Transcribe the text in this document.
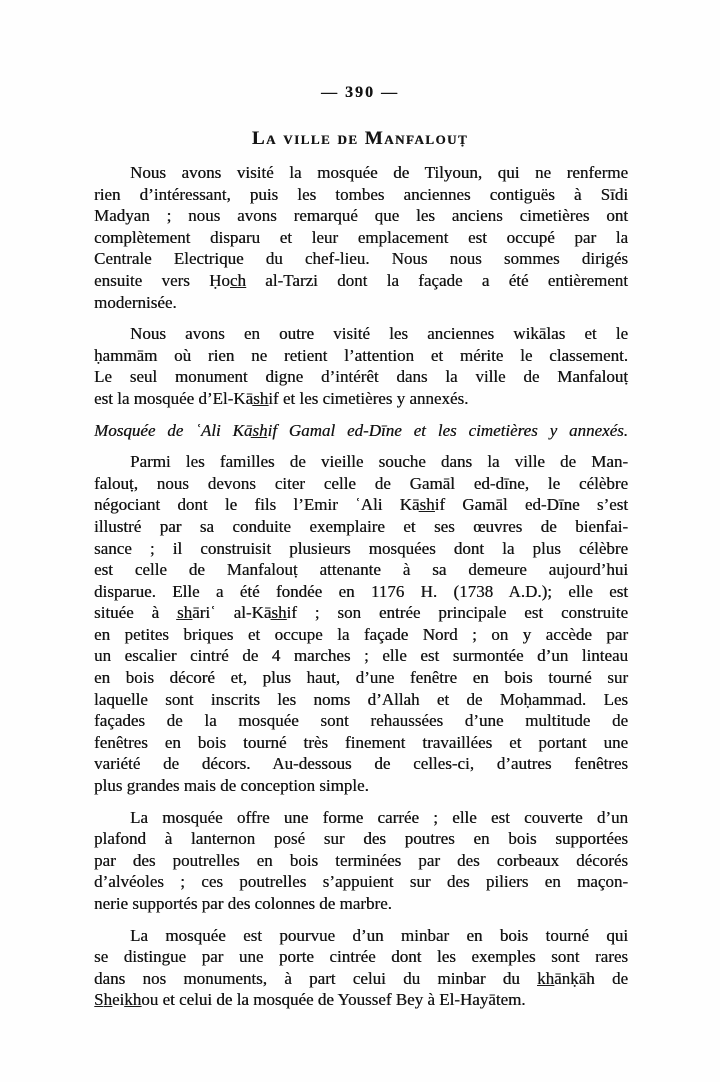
— 390 —
La ville de Manfalouṭ

Nous avons visité la mosquée de Tilyoun, qui ne renferme
rien d’intéressant, puis les tombes anciennes contiguës à Sīdi
Madyan ; nous avons remarqué que les anciens cimetières ont
complètement disparu et leur emplacement est occupé par la
Centrale Electrique du chef-lieu. Nous nous sommes dirigés
ensuite vers Ḥoc̲h̲ al-Tarzi dont la façade a été entièrement
modernisée.

Nous avons en outre visité les anciennes wikālas et le
ḥammām où rien ne retient l’attention et mérite le classement.
Le seul monument digne d’intérêt dans la ville de Manfalouṭ
est la mosquée d’El-Kās̲h̲if et les cimetières y annexés.

Mosquée de ʿAli Kās̲h̲if Gamal ed-Dīne et les cimetières y annexés.

Parmi les familles de vieille souche dans la ville de Man-
falouṭ, nous devons citer celle de Gamāl ed-dīne, le célèbre
négociant dont le fils l’Emir ʿAli Kās̲h̲if Gamāl ed-Dīne s’est
illustré par sa conduite exemplaire et ses œuvres de bienfai-
sance ; il construisit plusieurs mosquées dont la plus célèbre
est celle de Manfalouṭ attenante à sa demeure aujourd’hui
disparue. Elle a été fondée en 1176 H. (1738 A.D.); elle est
située à s̲h̲āriʿ al-Kās̲h̲if ; son entrée principale est construite
en petites briques et occupe la façade Nord ; on y accède par
un escalier cintré de 4 marches ; elle est surmontée d’un linteau
en bois décoré et, plus haut, d’une fenêtre en bois tourné sur
laquelle sont inscrits les noms d’Allah et de Moḥammad. Les
façades de la mosquée sont rehaussées d’une multitude de
fenêtres en bois tourné très finement travaillées et portant une
variété de décors. Au-dessous de celles-ci, d’autres fenêtres
plus grandes mais de conception simple.

La mosquée offre une forme carrée ; elle est couverte d’un
plafond à lanternon posé sur des poutres en bois supportées
par des poutrelles en bois terminées par des corbeaux décorés
d’alvéoles ; ces poutrelles s’appuient sur des piliers en maçon-
nerie supportés par des colonnes de marbre.

La mosquée est pourvue d’un minbar en bois tourné qui
se distingue par une porte cintrée dont les exemples sont rares
dans nos monuments, à part celui du minbar du k̲h̲ānḳāh de
S̲h̲eik̲h̲ou et celui de la mosquée de Youssef Bey à El-Hayātem.
